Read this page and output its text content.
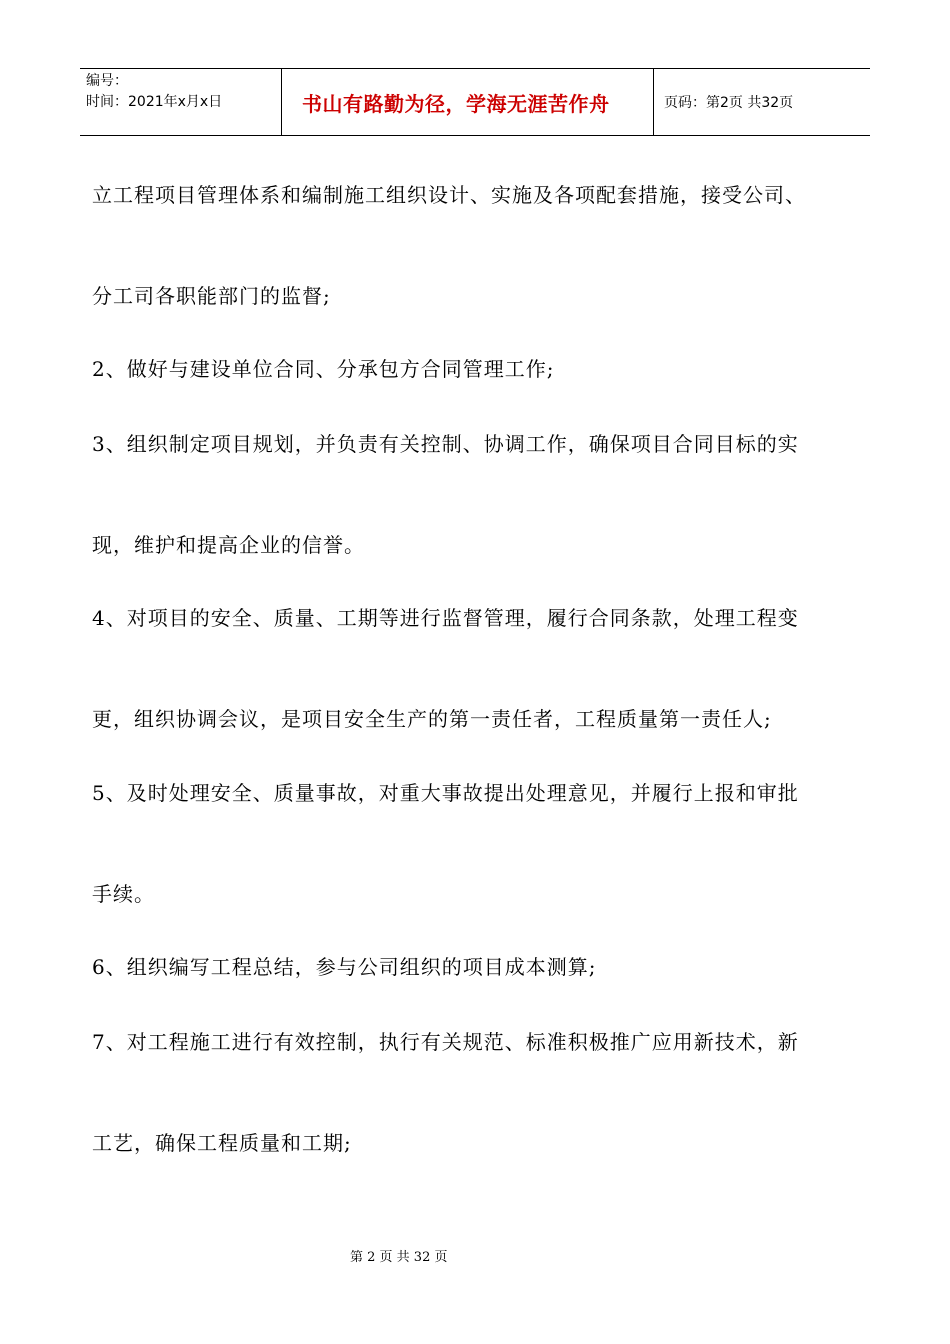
编号：
时间：2021年x月x日	书山有路勤为径，学海无涯苦作舟	页码：第2页 共32页

立工程项目管理体系和编制施工组织设计、实施及各项配套措施，接受公司、

分工司各职能部门的监督;

2、做好与建设单位合同、分承包方合同管理工作;

3、组织制定项目规划，并负责有关控制、协调工作，确保项目合同目标的实

现，维护和提高企业的信誉。

4、对项目的安全、质量、工期等进行监督管理，履行合同条款，处理工程变

更，组织协调会议，是项目安全生产的第一责任者，工程质量第一责任人;

5、及时处理安全、质量事故，对重大事故提出处理意见，并履行上报和审批

手续。

6、组织编写工程总结，参与公司组织的项目成本测算;

7、对工程施工进行有效控制，执行有关规范、标准积极推广应用新技术，新

工艺，确保工程质量和工期;

第 2 页 共 32 页
